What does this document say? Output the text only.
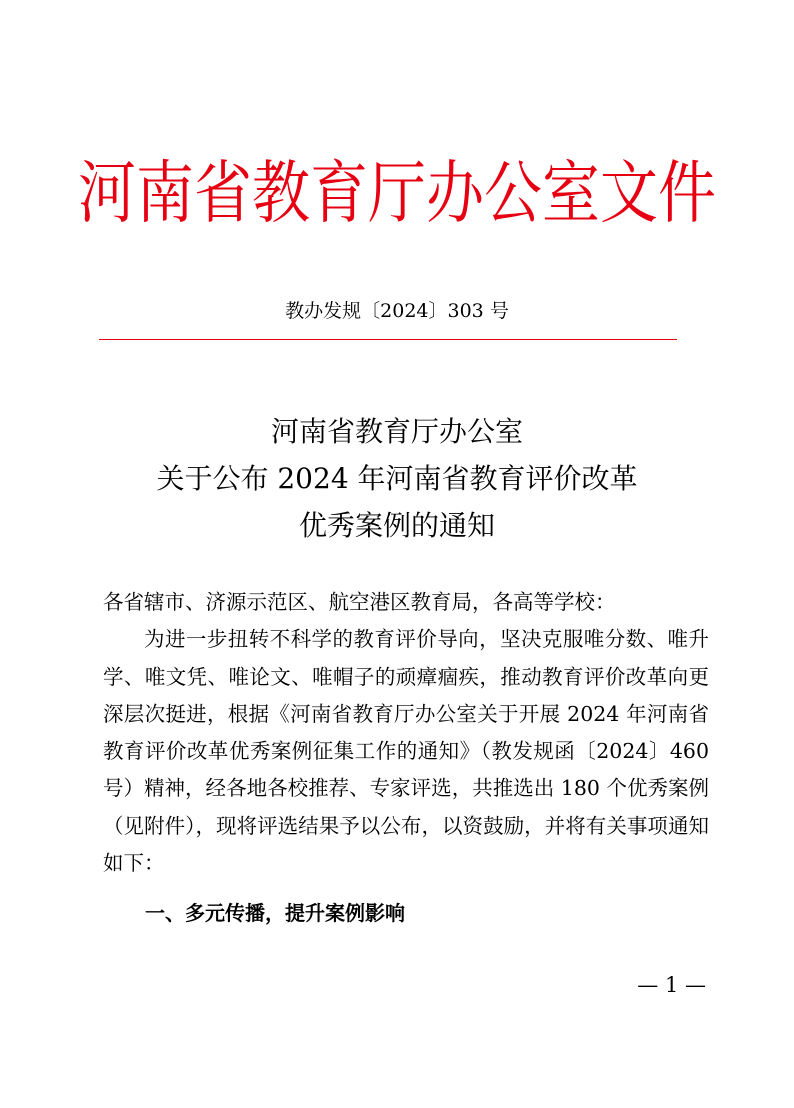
河南省教育厅办公室文件
教办发规〔2024〕303 号
河南省教育厅办公室
关于公布 2024 年河南省教育评价改革
优秀案例的通知
各省辖市、济源示范区、航空港区教育局，各高等学校：
为进一步扭转不科学的教育评价导向，坚决克服唯分数、唯升学、唯文凭、唯论文、唯帽子的顽瘴痼疾，推动教育评价改革向更深层次挺进，根据《河南省教育厅办公室关于开展 2024 年河南省教育评价改革优秀案例征集工作的通知》（教发规函〔2024〕460 号）精神，经各地各校推荐、专家评选，共推选出 180 个优秀案例（见附件），现将评选结果予以公布，以资鼓励，并将有关事项通知如下：
一、多元传播，提升案例影响
— 1 —
